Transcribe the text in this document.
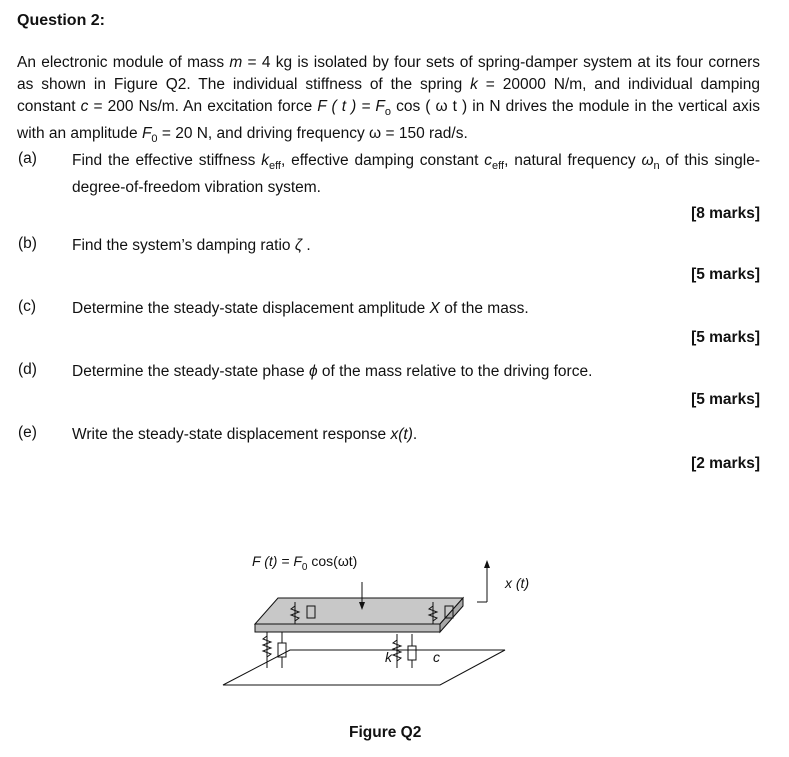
Question 2:
An electronic module of mass m = 4 kg is isolated by four sets of spring-damper system at its four corners as shown in Figure Q2. The individual stiffness of the spring k = 20000 N/m, and individual damping constant c = 200 Ns/m. An excitation force F ( t ) = $F_o$ cos ( ω t ) in N drives the module in the vertical axis with an amplitude $F_0 = 20$ N, and driving frequency ω = 150 rad/s.
(a) Find the effective stiffness $k_{eff}$, effective damping constant $c_{eff}$, natural frequency $\omega_n$ of this single-degree-of-freedom vibration system.
[8 marks]
(b) Find the system’s damping ratio ζ .
[5 marks]
(c) Determine the steady-state displacement amplitude X of the mass.
[5 marks]
(d) Determine the steady-state phase ϕ of the mass relative to the driving force.
[5 marks]
(e) Write the steady-state displacement response x(t).
[2 marks]
F $(t) = F_0$ cos(ωt)
x (t)
k	c
Figure Q2
